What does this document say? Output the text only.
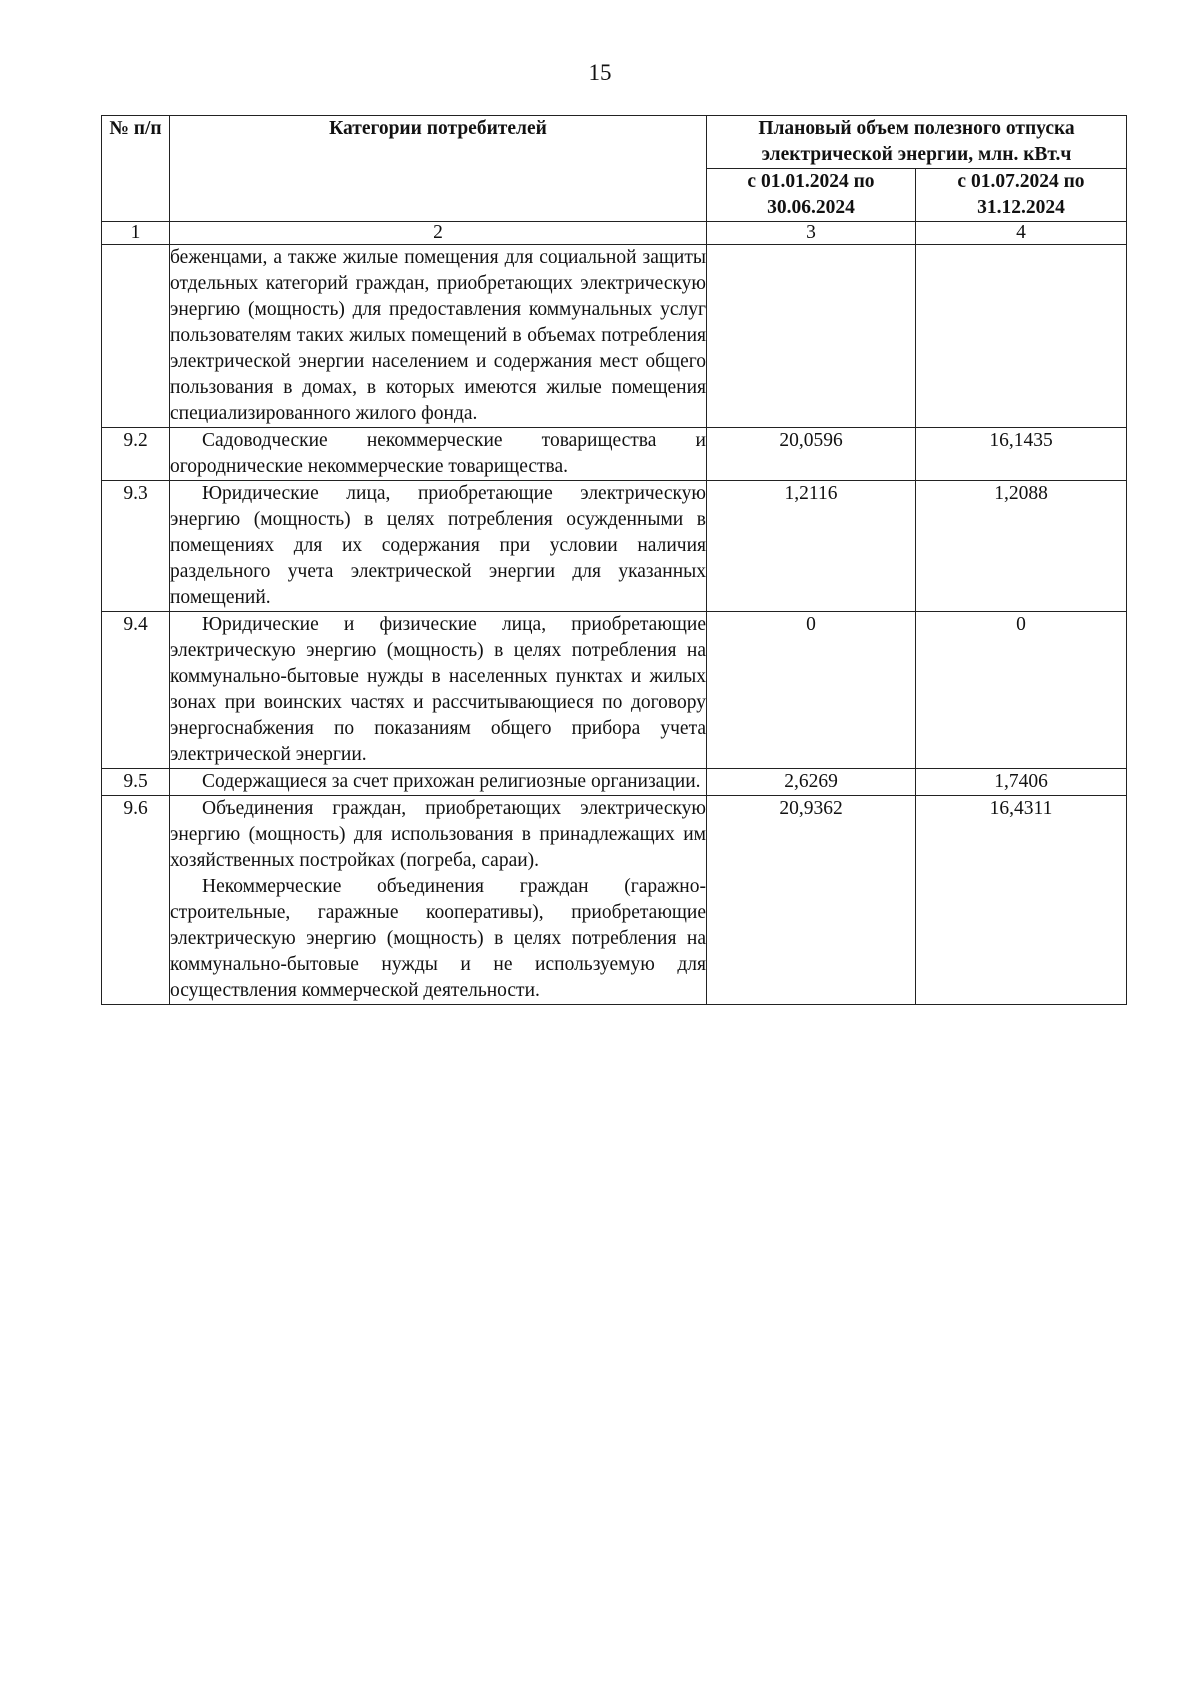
15
№ п/п	Категории потребителей	Плановый объем полезного отпуска электрической энергии, млн. кВт.ч	
		с 01.01.2024 по 30.06.2024	с 01.07.2024 по 31.12.2024
1	2	3	4

	беженцами, а также жилые помещения для социальной защиты отдельных категорий граждан, приобретающих электрическую энергию (мощность) для предоставления коммунальных услуг пользователям таких жилых помещений в объемах потребления электрической энергии населением и содержания мест общего пользования в домах, в которых имеются жилые помещения специализированного жилого фонда.		

9.2	Садоводческие некоммерческие товарищества и огороднические некоммерческие товарищества.	20,0596	16,1435
9.3	Юридические лица, приобретающие электрическую энергию (мощность) в целях потребления осужденными в помещениях для их содержания при условии наличия раздельного учета электрической энергии для указанных помещений.	1,2116	1,2088
9.4	Юридические и физические лица, приобретающие электрическую энергию (мощность) в целях потребления на коммунально-бытовые нужды в населенных пунктах и жилых зонах при воинских частях и рассчитывающиеся по договору энергоснабжения по показаниям общего прибора учета электрической энергии.	0	0
9.5	Содержащиеся за счет прихожан религиозные организации.	2,6269	1,7406
9.6	Объединения граждан, приобретающих электрическую энергию (мощность) для использования в принадлежащих им хозяйственных постройках (погреба, сараи).

Некоммерческие объединения граждан (гаражно-строительные, гаражные кооперативы), приобретающие электрическую энергию (мощность) в целях потребления на коммунально-бытовые нужды и не используемую для осуществления коммерческой деятельности.	20,9362	16,4311
